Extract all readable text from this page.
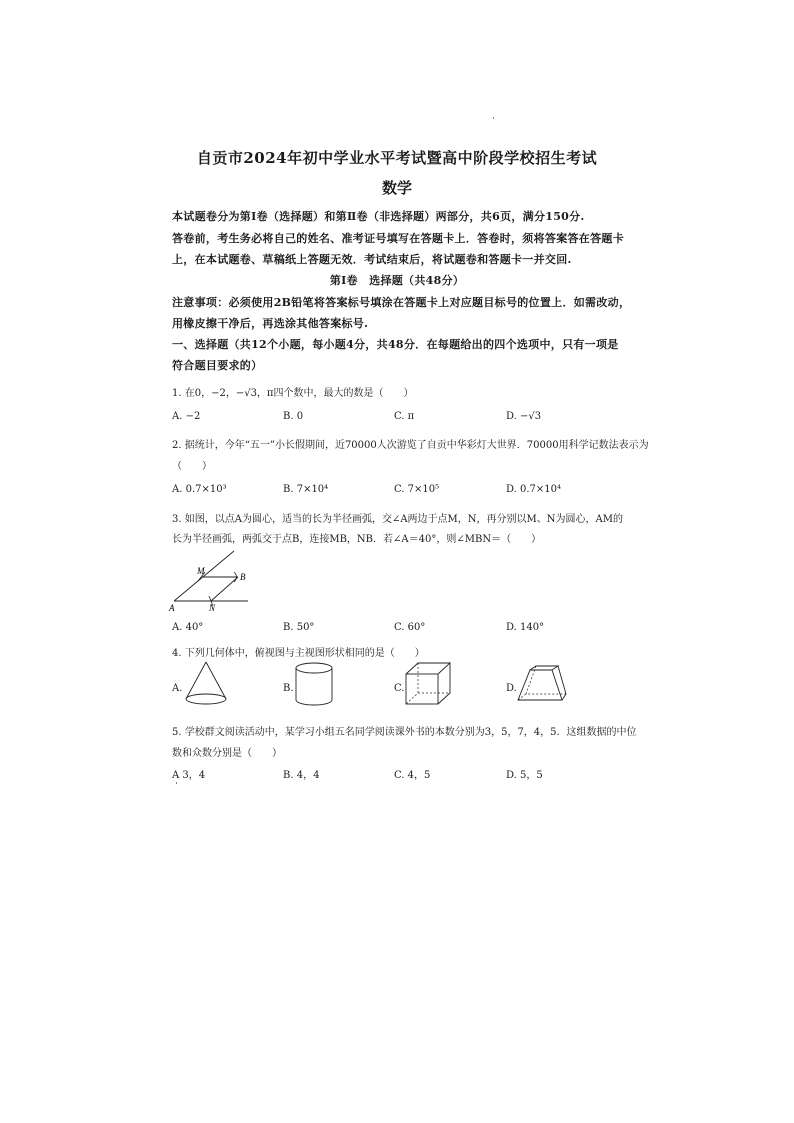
自贡市2024年初中学业水平考试暨高中阶段学校招生考试
数学
本试题卷分为第Ⅰ卷（选择题）和第Ⅱ卷（非选择题）两部分，共6页，满分150分.
答卷前，考生务必将自己的姓名、准考证号填写在答题卡上．答卷时，须将答案答在答题卡
上，在本试题卷、草稿纸上答题无效．考试结束后，将试题卷和答题卡一并交回.
第Ⅰ卷　选择题（共48分）
注意事项：必须使用2B铅笔将答案标号填涂在答题卡上对应题目标号的位置上．如需改动，
用橡皮擦干净后，再选涂其他答案标号.
一、选择题（共12个小题，每小题4分，共48分．在每题给出的四个选项中，只有一项是
符合题目要求的）
1. 在0，−2，−√3，π四个数中，最大的数是（　　）
A. −2	B. 0	C. π	D. −√3
2. 据统计，今年“五一”小长假期间，近70000人次游览了自贡中华彩灯大世界．70000用科学记数法表示为
（　　）
A. 0.7×10³	B. 7×10⁴	C. 7×10⁵	D. 0.7×10⁴
3. 如图，以点A为圆心，适当的长为半径画弧，交∠A两边于点M，N，再分别以M、N为圆心，AM的
长为半径画弧，两弧交于点B，连接MB，NB．若∠A＝40°，则∠MBN＝（　　）
M
B
A	N
A. 40°	B. 50°	C. 60°	D. 140°
4. 下列几何体中，俯视图与主视图形状相同的是（　　）
A.	B.	C.	D.
5. 学校群文阅读活动中，某学习小组五名同学阅读课外书的本数分别为3，5，7，4，5．这组数据的中位
数和众数分别是（　　）
A 3，4	B. 4，4	C. 4，5	D. 5，5
